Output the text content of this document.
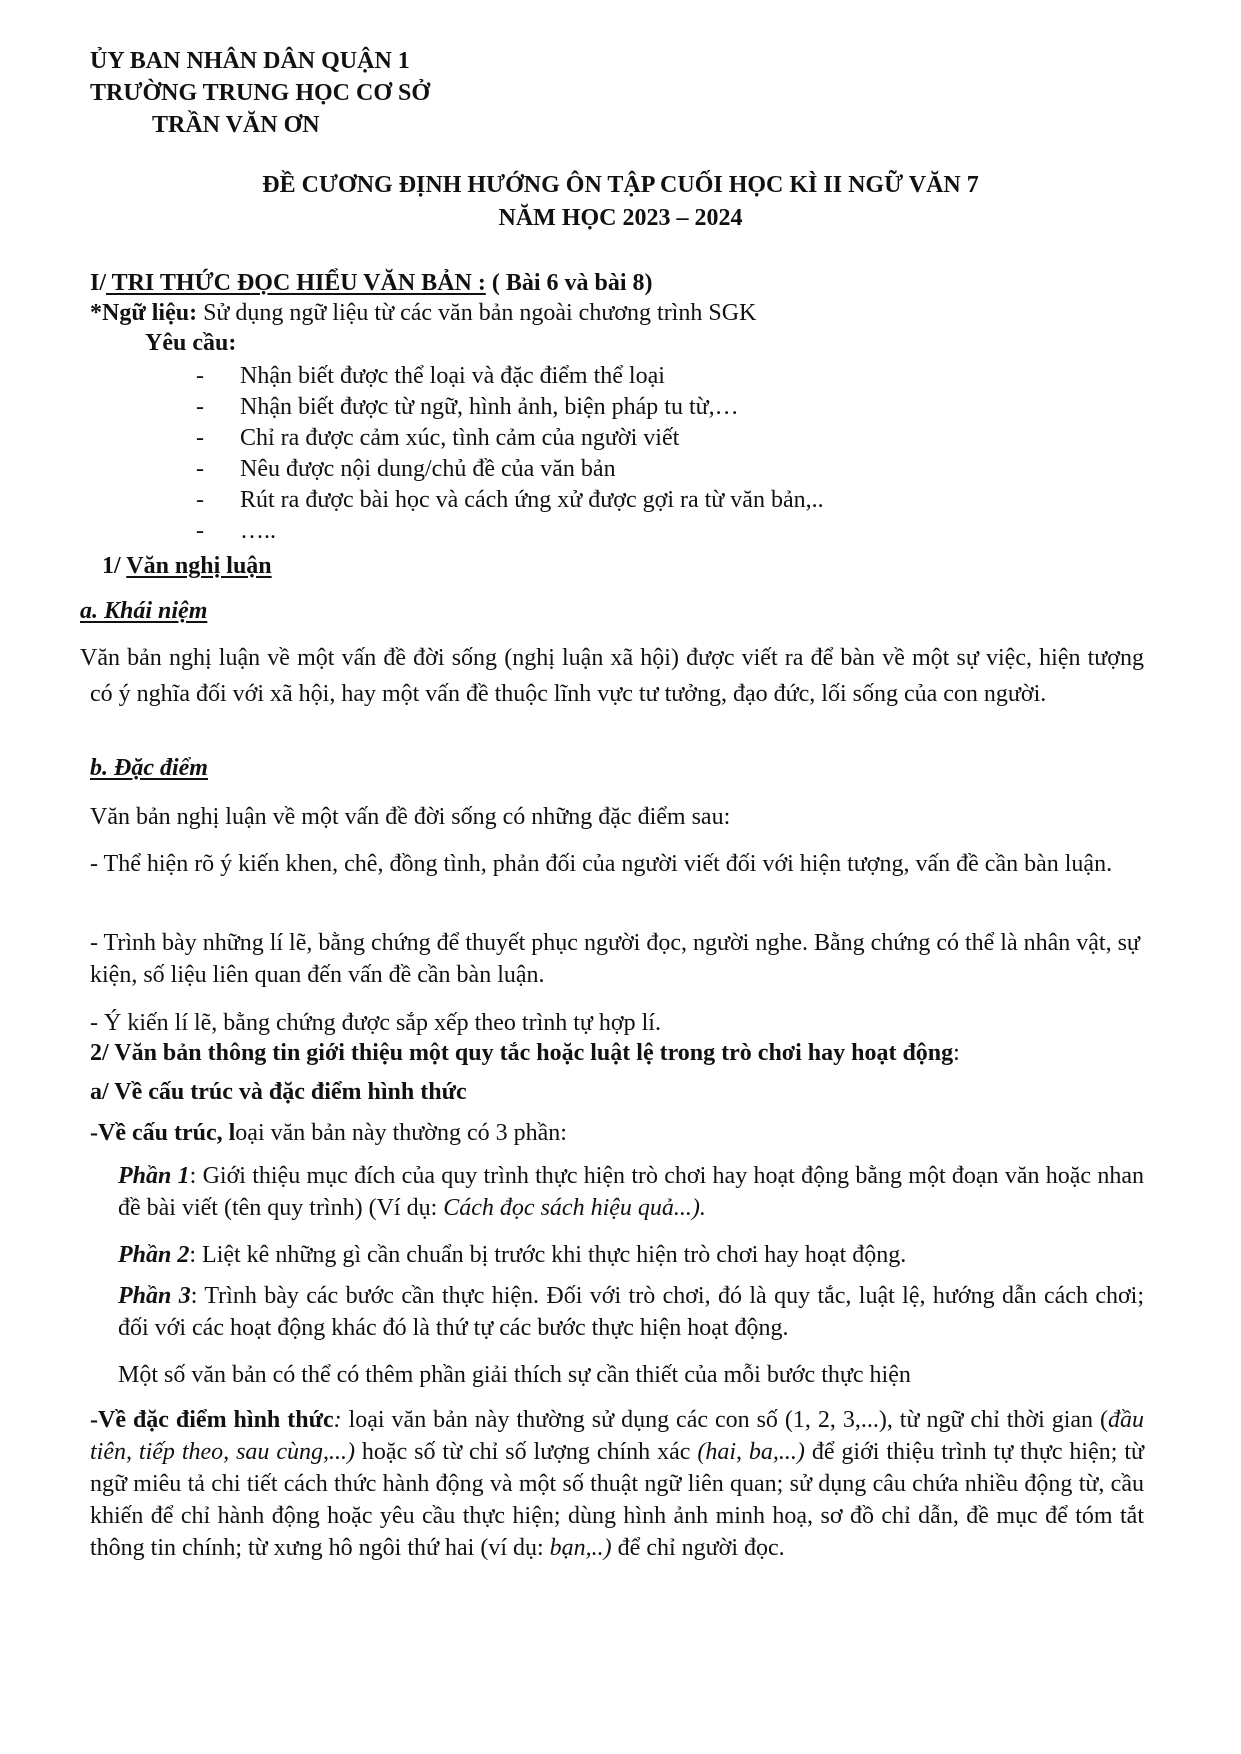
ỦY BAN NHÂN DÂN QUẬN 1
TRƯỜNG TRUNG HỌC CƠ SỞ
TRẦN VĂN ƠN
ĐỀ CƯƠNG ĐỊNH HƯỚNG ÔN TẬP CUỐI HỌC KÌ II NGỮ VĂN 7
NĂM HỌC 2023 – 2024
I/ TRI THỨC ĐỌC HIỂU VĂN BẢN : ( Bài 6 và bài 8)
*Ngữ liệu: Sử dụng ngữ liệu từ các văn bản ngoài chương trình SGK
Yêu cầu:
-	Nhận biết được thể loại và đặc điểm thể loại
-	Nhận biết được từ ngữ, hình ảnh, biện pháp tu từ,…
-	Chỉ ra được cảm xúc, tình cảm của người viết
-	Nêu được nội dung/chủ đề của văn bản
-	Rút ra được bài học và cách ứng xử được gợi ra từ văn bản,..
-	…..
1/ Văn nghị luận
a. Khái niệm

Văn bản nghị luận về một vấn đề đời sống (nghị luận xã hội) được viết ra để bàn về một sự việc, hiện tượng có ý nghĩa đối với xã hội, hay một vấn đề thuộc lĩnh vực tư tưởng, đạo đức, lối sống của con người.

b. Đặc điểm
Văn bản nghị luận về một vấn đề đời sống có những đặc điểm sau:

- Thể hiện rõ ý kiến khen, chê, đồng tình, phản đối của người viết đối với hiện tượng, vấn đề cần bàn luận.

- Trình bày những lí lẽ, bằng chứng để thuyết phục người đọc, người nghe. Bằng chứng có thể là nhân vật, sự kiện, số liệu liên quan đến vấn đề cần bàn luận.

- Ý kiến lí lẽ, bằng chứng được sắp xếp theo trình tự hợp lí.
2/ Văn bản thông tin giới thiệu một quy tắc hoặc luật lệ trong trò chơi hay hoạt động:
a/ Về cấu trúc và đặc điểm hình thức
-Về cấu trúc, loại văn bản này thường có 3 phần:

Phần 1: Giới thiệu mục đích của quy trình thực hiện trò chơi hay hoạt động bằng một đoạn văn hoặc nhan đề bài viết (tên quy trình) (Ví dụ: Cách đọc sách hiệu quả...).

Phần 2: Liệt kê những gì cần chuẩn bị trước khi thực hiện trò chơi hay hoạt động.

Phần 3: Trình bày các bước cần thực hiện. Đối với trò chơi, đó là quy tắc, luật lệ, hướng dẫn cách chơi; đối với các hoạt động khác đó là thứ tự các bước thực hiện hoạt động.

Một số văn bản có thể có thêm phần giải thích sự cần thiết của mỗi bước thực hiện

-Về đặc điểm hình thức: loại văn bản này thường sử dụng các con số (1, 2, 3,...), từ ngữ chỉ thời gian (đầu tiên, tiếp theo, sau cùng,...) hoặc số từ chỉ số lượng chính xác (hai, ba,...) để giới thiệu trình tự thực hiện; từ ngữ miêu tả chi tiết cách thức hành động và một số thuật ngữ liên quan; sử dụng câu chứa nhiều động từ, cầu khiến để chỉ hành động hoặc yêu cầu thực hiện; dùng hình ảnh minh hoạ, sơ đồ chỉ dẫn, đề mục để tóm tắt thông tin chính; từ xưng hô ngôi thứ hai (ví dụ: bạn,..) để chỉ người đọc.
